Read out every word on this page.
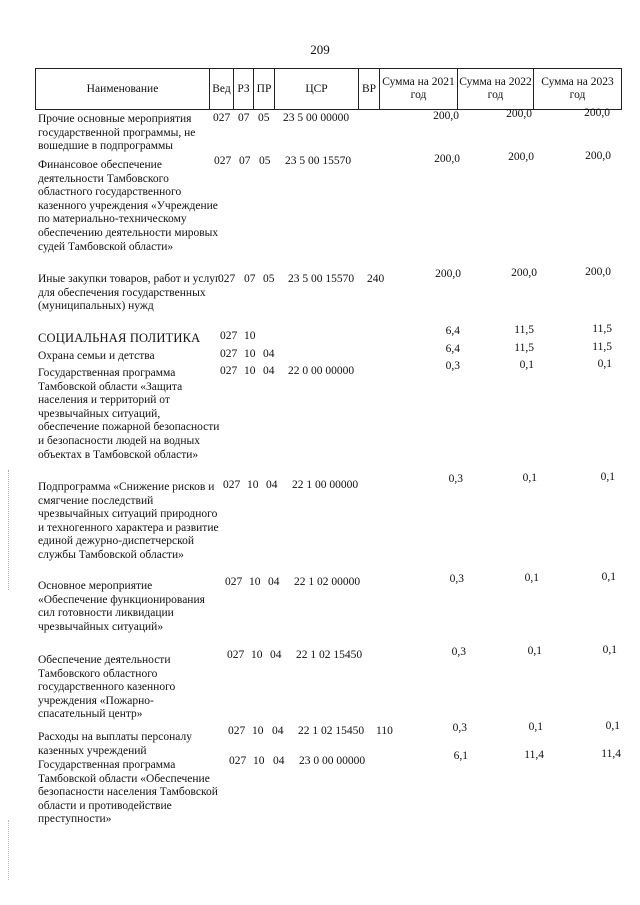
209
Наименование	Вед РЗ ПР	ЦСР	ВР
Сумма на 2021 год
Сумма на 2022 год
Сумма на 2023 год
Прочие основные мероприятия государственной программы, не вошедшие в подпрограммы
027 07 05 23 5 00 00000	200,0	200,0	200,0
Финансовое обеспечение деятельности Тамбовского областного государственного казенного учреждения «Учреждение по материально-техническому обеспечению деятельности мировых судей Тамбовской области»
027 07 05 23 5 00 15570	200,0	200,0	200,0
Иные закупки товаров, работ и услуг для обеспечения государственных (муниципальных) нужд
027 07 05 23 5 00 15570 240	200,0	200,0	200,0
СОЦИАЛЬНАЯ ПОЛИТИКА	027 10	6,4	11,5	11,5
Охрана семьи и детства	027 10 04	6,4	11,5	11,5
Государственная программа Тамбовской области «Защита населения и территорий от чрезвычайных ситуаций, обеспечение пожарной безопасности и безопасности людей на водных объектах в Тамбовской области»
027 10 04 22 0 00 00000	0,3	0,1	0,1
Подпрограмма «Снижение рисков и смягчение последствий чрезвычайных ситуаций природного и техногенного характера и развитие единой дежурно-диспетчерской службы Тамбовской области»
027 10 04 22 1 00 00000	0,3	0,1	0,1
Основное мероприятие «Обеспечение функционирования сил готовности ликвидации чрезвычайных ситуаций»
027 10 04 22 1 02 00000	0,3	0,1	0,1
Обеспечение деятельности Тамбовского областного государственного казенного учреждения «Пожарно-спасательный центр»
027 10 04 22 1 02 15450	0,3	0,1	0,1
Расходы на выплаты персоналу казенных учреждений
027 10 04 22 1 02 15450 110	0,3	0,1	0,1
Государственная программа Тамбовской области «Обеспечение безопасности населения Тамбовской области и противодействие преступности»
027 10 04 23 0 00 00000	6,1	11,4	11,4
